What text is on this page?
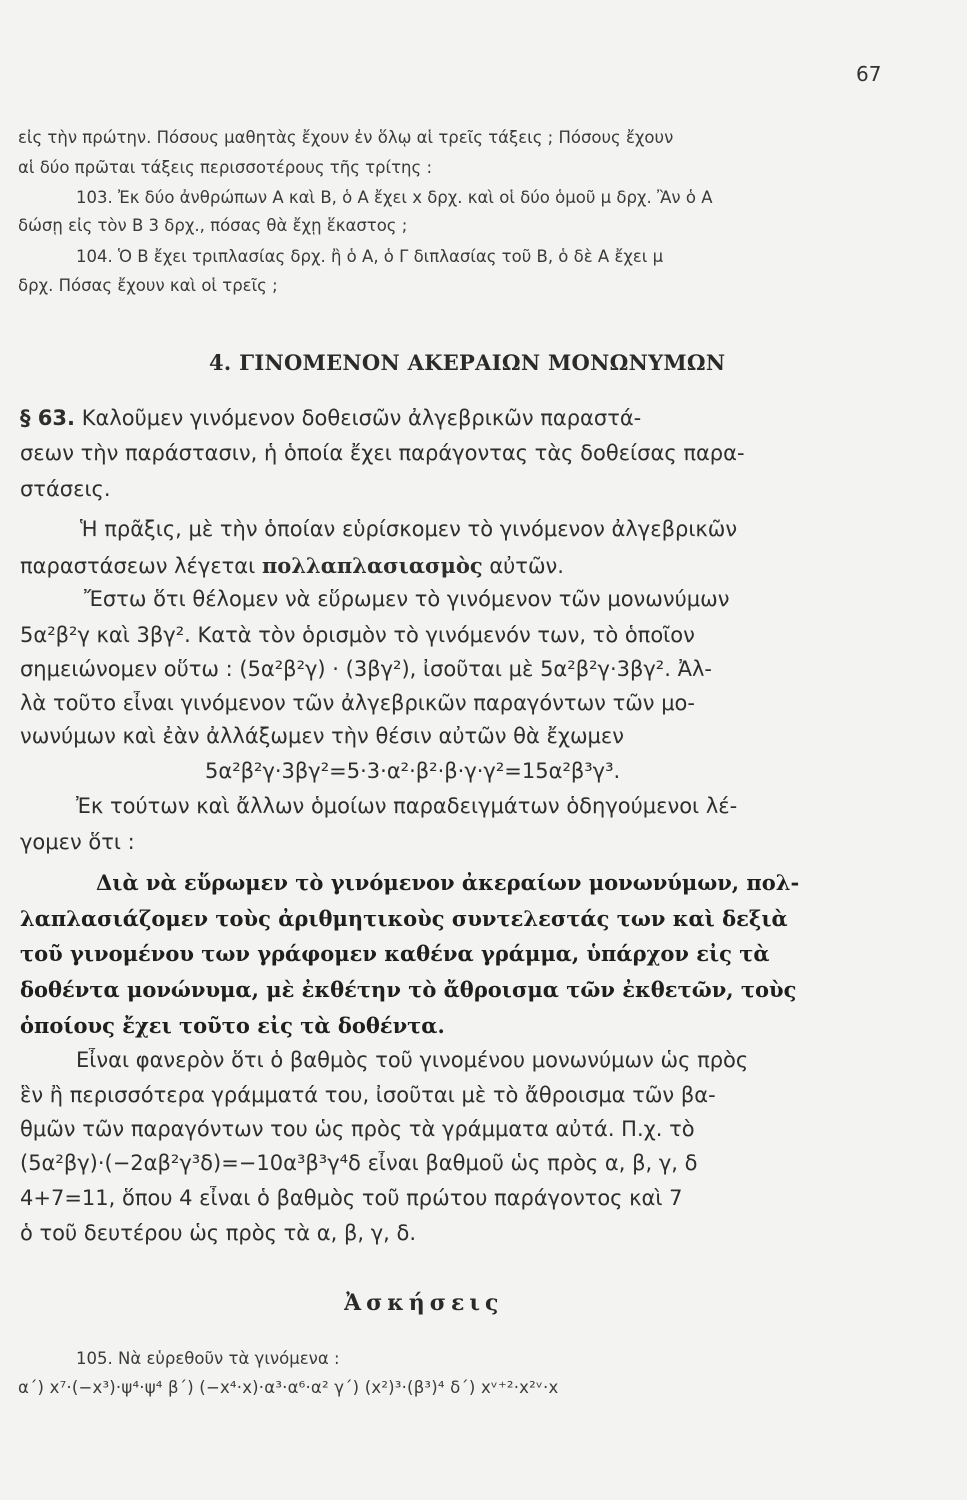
67
εἰς τὴν πρώτην. Πόσους μαθητὰς ἔχουν ἐν ὅλῳ αἱ τρεῖς τάξεις ; Πόσους ἔχουν
αἱ δύο πρῶται τάξεις περισσοτέρους τῆς τρίτης :
103. Ἐκ δύο ἀνθρώπων Α καὶ Β, ὁ Α ἔχει x δρχ. καὶ οἱ δύο ὁμοῦ μ δρχ. Ἂν ὁ Α
δώσῃ εἰς τὸν Β 3 δρχ., πόσας θὰ ἔχῃ ἕκαστος ;
104. Ὁ Β ἔχει τριπλασίας δρχ. ἢ ὁ Α, ὁ Γ διπλασίας τοῦ Β, ὁ δὲ Α ἔχει μ
δρχ. Πόσας ἔχουν καὶ οἱ τρεῖς ;
4. ΓΙΝΟΜΕΝΟΝ ΑΚΕΡΑΙΩΝ ΜΟΝΩΝΥΜΩΝ
§ 63. Καλοῦμεν γινόμενον δοθεισῶν ἀλγεβρικῶν παραστά-
σεων τὴν παράστασιν, ἡ ὁποία ἔχει παράγοντας τὰς δοθείσας παρα-
στάσεις.
Ἡ πρᾶξις, μὲ τὴν ὁποίαν εὑρίσκομεν τὸ γινόμενον ἀλγεβρικῶν
παραστάσεων λέγεται πολλαπλασιασμὸς αὐτῶν.
Ἔστω ὅτι θέλομεν νὰ εὕρωμεν τὸ γινόμενον τῶν μονωνύμων
5α²β²γ καὶ 3βγ². Κατὰ τὸν ὁρισμὸν τὸ γινόμενόν των, τὸ ὁποῖον
σημειώνομεν οὕτω : (5α²β²γ) · (3βγ²), ἰσοῦται μὲ 5α²β²γ·3βγ². Ἀλ-
λὰ τοῦτο εἶναι γινόμενον τῶν ἀλγεβρικῶν παραγόντων τῶν μο-
νωνύμων καὶ ἐὰν ἀλλάξωμεν τὴν θέσιν αὐτῶν θὰ ἔχωμεν
5α²β²γ·3βγ²=5·3·α²·β²·β·γ·γ²=15α²β³γ³.
Ἐκ τούτων καὶ ἄλλων ὁμοίων παραδειγμάτων ὁδηγούμενοι λέ-
γομεν ὅτι :
Διὰ νὰ εὕρωμεν τὸ γινόμενον ἀκεραίων μονωνύμων, πολ-
λαπλασιάζομεν τοὺς ἀριθμητικοὺς συντελεστάς των καὶ δεξιὰ
τοῦ γινομένου των γράφομεν καθένα γράμμα, ὑπάρχον εἰς τὰ
δοθέντα μονώνυμα, μὲ ἐκθέτην τὸ ἄθροισμα τῶν ἐκθετῶν, τοὺς
ὁποίους ἔχει τοῦτο εἰς τὰ δοθέντα.
Εἶναι φανερὸν ὅτι ὁ βαθμὸς τοῦ γινομένου μονωνύμων ὡς πρὸς
ἓν ἢ περισσότερα γράμματά του, ἰσοῦται μὲ τὸ ἄθροισμα τῶν βα-
θμῶν τῶν παραγόντων του ὡς πρὸς τὰ γράμματα αὐτά. Π.χ. τὸ
(5α²βγ)·(−2αβ²γ³δ)=−10α³β³γ⁴δ εἶναι βαθμοῦ ὡς πρὸς α, β, γ, δ
4+7=11, ὅπου 4 εἶναι ὁ βαθμὸς τοῦ πρώτου παράγοντος καὶ 7
ὁ τοῦ δευτέρου ὡς πρὸς τὰ α, β, γ, δ.
Ἀσκήσεις
105. Νὰ εὑρεθοῦν τὰ γινόμενα :
α΄) x⁷·(−x³)·ψ⁴·ψ⁴ β΄) (−x⁴·x)·α³·α⁶·α² γ΄) (x²)³·(β³)⁴ δ΄) xᵛ⁺²·x²ᵛ·x
